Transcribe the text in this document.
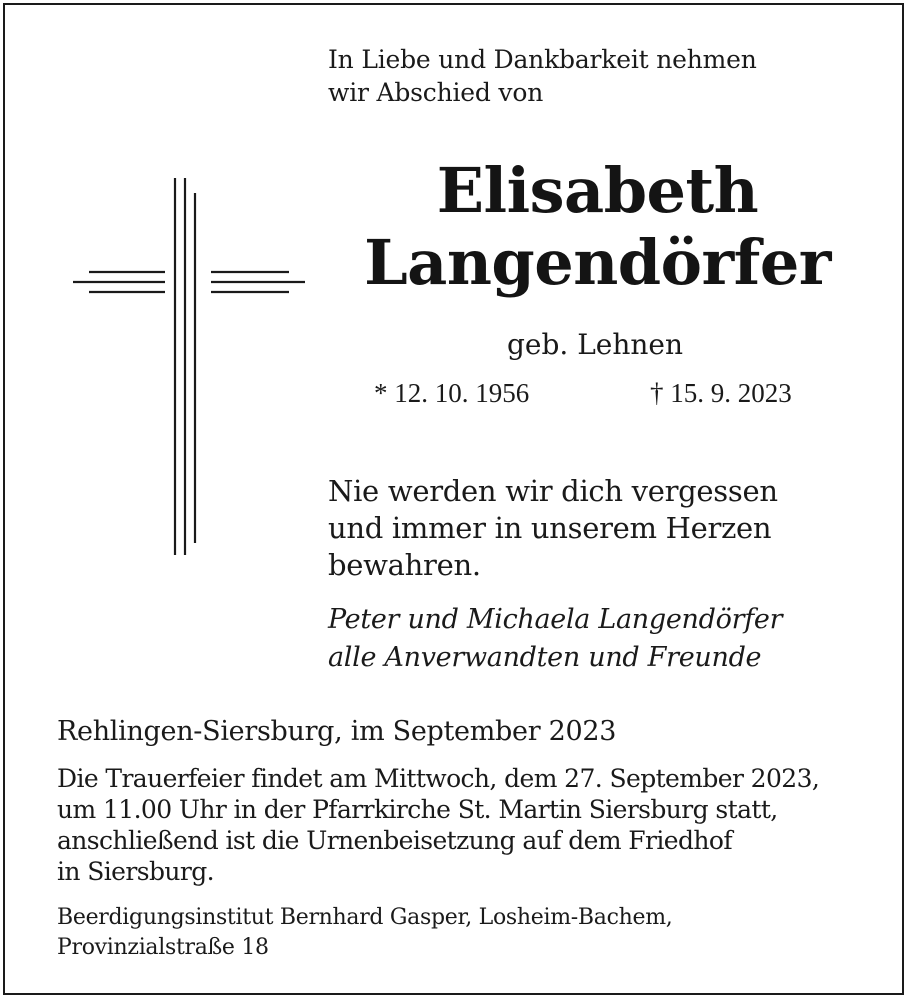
In Liebe und Dankbarkeit nehmen
wir Abschied von
Elisabeth
Langendörfer
geb. Lehnen
* 12. 10. 1956	† 15. 9. 2023
Nie werden wir dich vergessen
und immer in unserem Herzen
bewahren.
Peter und Michaela Langendörfer
alle Anverwandten und Freunde
Rehlingen-Siersburg, im September 2023
Die Trauerfeier findet am Mittwoch, dem 27. September 2023,
um 11.00 Uhr in der Pfarrkirche St. Martin Siersburg statt,
anschließend ist die Urnenbeisetzung auf dem Friedhof
in Siersburg.
Beerdigungsinstitut Bernhard Gasper, Losheim-Bachem,
Provinzialstraße 18
